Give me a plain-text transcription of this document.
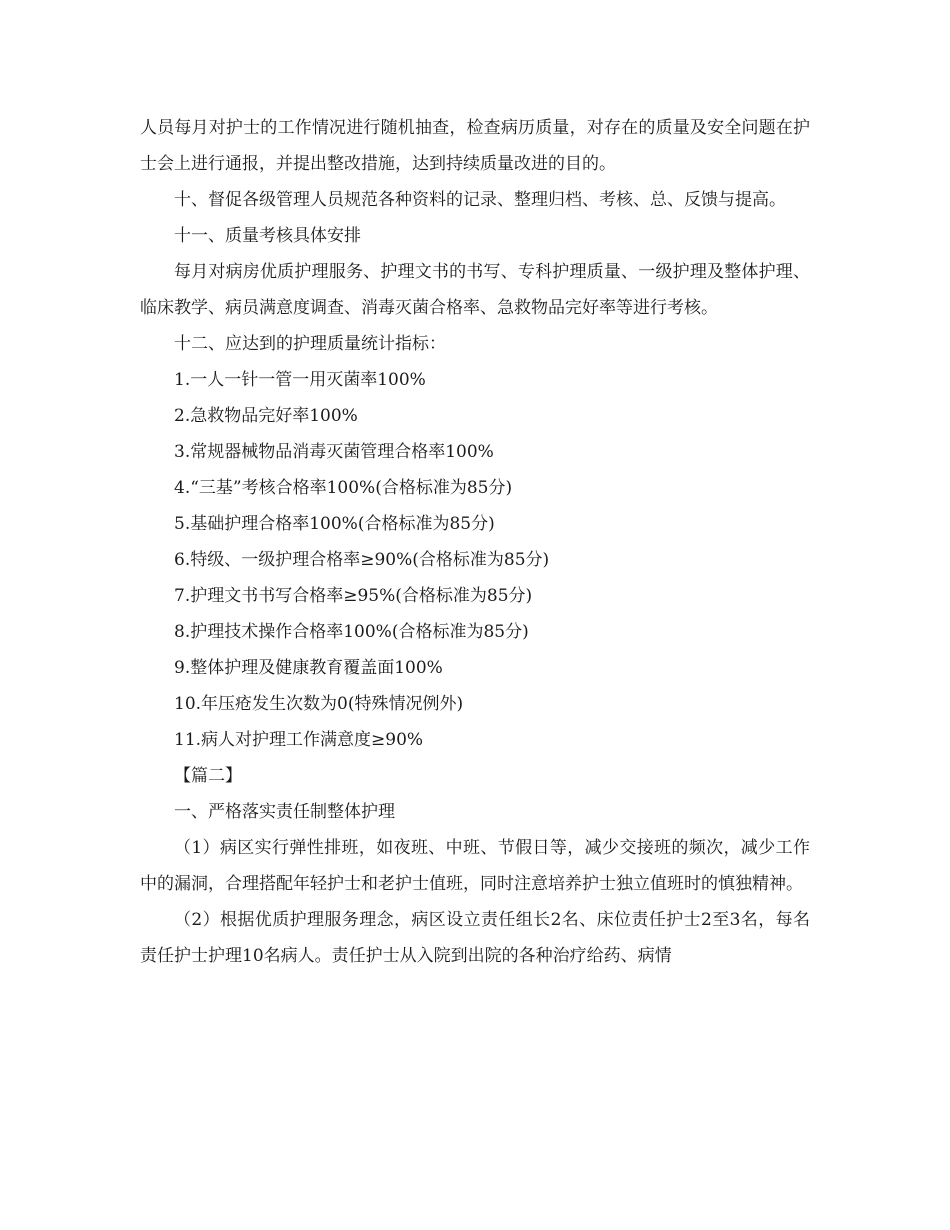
人员每月对护士的工作情况进行随机抽查，检查病历质量，对存在的质量及安全问题在护士会上进行通报，并提出整改措施，达到持续质量改进的目的。

十、督促各级管理人员规范各种资料的记录、整理归档、考核、总、反馈与提高。

十一、质量考核具体安排

每月对病房优质护理服务、护理文书的书写、专科护理质量、一级护理及整体护理、临床教学、病员满意度调查、消毒灭菌合格率、急救物品完好率等进行考核。

十二、应达到的护理质量统计指标：

1.一人一针一管一用灭菌率100%

2.急救物品完好率100%

3.常规器械物品消毒灭菌管理合格率100%

4.“三基”考核合格率100%(合格标准为85分)

5.基础护理合格率100%(合格标准为85分)

6.特级、一级护理合格率≥90%(合格标准为85分)

7.护理文书书写合格率≥95%(合格标准为85分)

8.护理技术操作合格率100%(合格标准为85分)

9.整体护理及健康教育覆盖面100%

10.年压疮发生次数为0(特殊情况例外)

11.病人对护理工作满意度≥90%

【篇二】

一、严格落实责任制整体护理

（1）病区实行弹性排班，如夜班、中班、节假日等，减少交接班的频次，减少工作中的漏洞，合理搭配年轻护士和老护士值班，同时注意培养护士独立值班时的慎独精神。

（2）根据优质护理服务理念，病区设立责任组长2名、床位责任护士2至3名，每名责任护士护理10名病人。责任护士从入院到出院的各种治疗给药、病情
